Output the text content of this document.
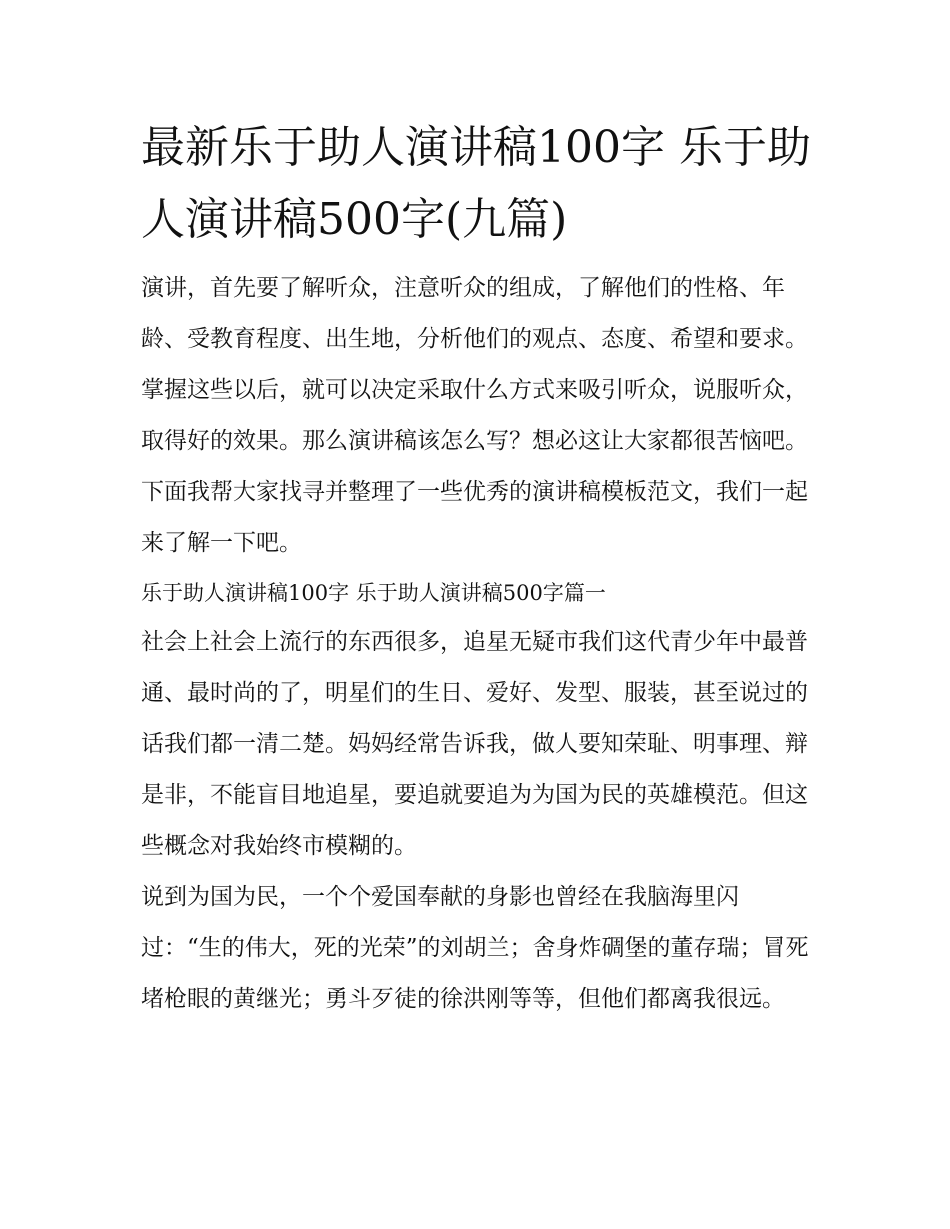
最新乐于助人演讲稿100字 乐于助人演讲稿500字(九篇)

演讲，首先要了解听众，注意听众的组成，了解他们的性格、年龄、受教育程度、出生地，分析他们的观点、态度、希望和要求。掌握这些以后，就可以决定采取什么方式来吸引听众，说服听众，取得好的效果。那么演讲稿该怎么写？想必这让大家都很苦恼吧。下面我帮大家找寻并整理了一些优秀的演讲稿模板范文，我们一起来了解一下吧。

乐于助人演讲稿100字 乐于助人演讲稿500字篇一

社会上社会上流行的东西很多，追星无疑市我们这代青少年中最普通、最时尚的了，明星们的生日、爱好、发型、服装，甚至说过的话我们都一清二楚。妈妈经常告诉我，做人要知荣耻、明事理、辩是非，不能盲目地追星，要追就要追为为国为民的英雄模范。但这些概念对我始终市模糊的。

说到为国为民，一个个爱国奉献的身影也曾经在我脑海里闪过：“生的伟大，死的光荣”的刘胡兰；舍身炸碉堡的董存瑞；冒死堵枪眼的黄继光；勇斗歹徒的徐洪刚等等，但他们都离我很远。
